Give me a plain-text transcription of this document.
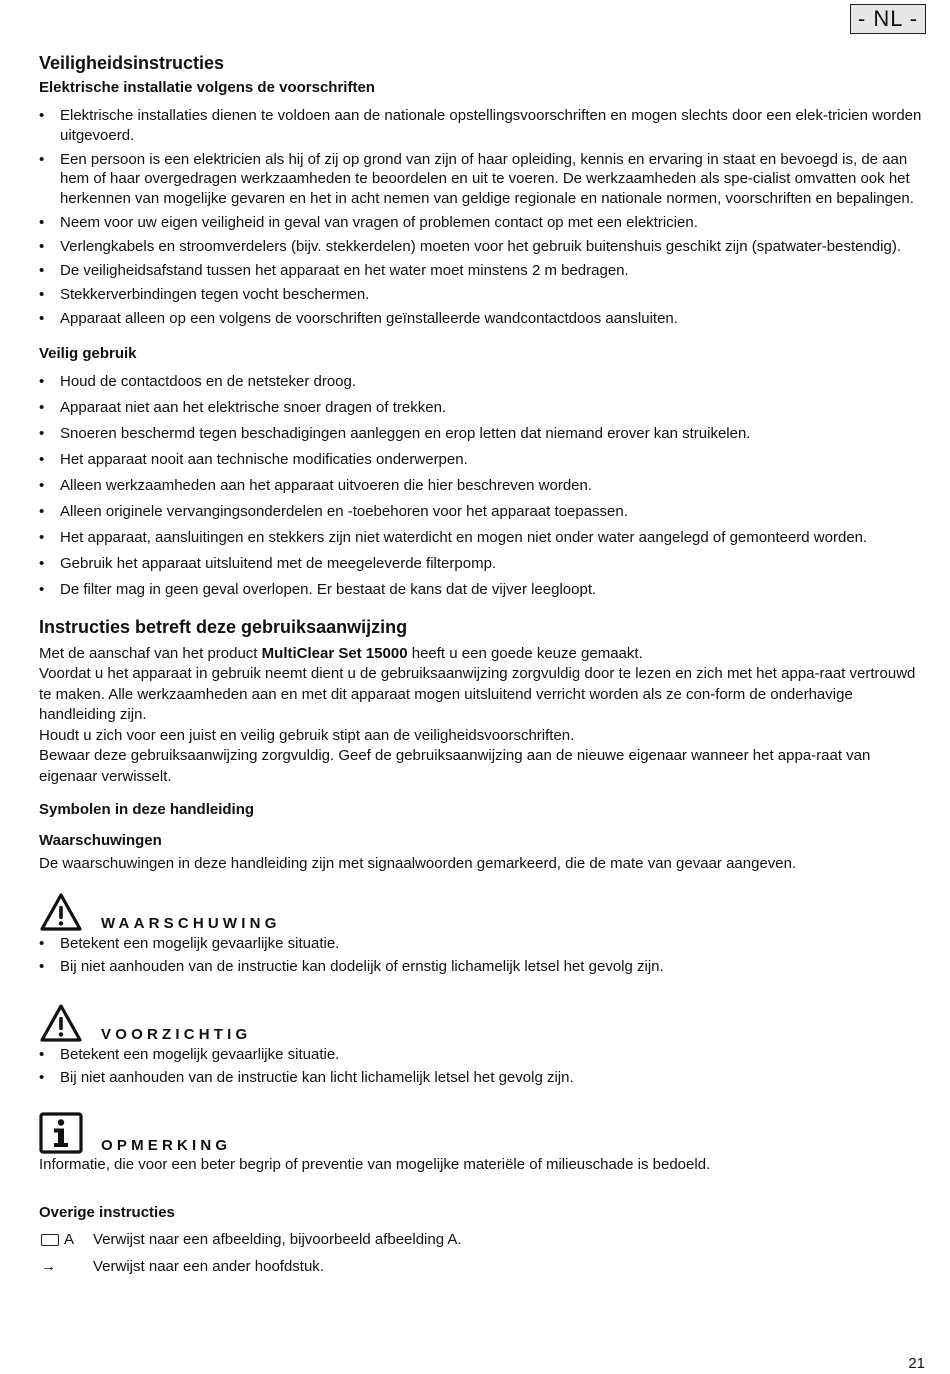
- NL -
Veiligheidsinstructies
Elektrische installatie volgens de voorschriften
• Elektrische installaties dienen te voldoen aan de nationale opstellingsvoorschriften en mogen slechts door een elek-tricien worden uitgevoerd.
• Een persoon is een elektricien als hij of zij op grond van zijn of haar opleiding, kennis en ervaring in staat en bevoegd is, de aan hem of haar overgedragen werkzaamheden te beoordelen en uit te voeren. De werkzaamheden als spe-cialist omvatten ook het herkennen van mogelijke gevaren en het in acht nemen van geldige regionale en nationale normen, voorschriften en bepalingen.
• Neem voor uw eigen veiligheid in geval van vragen of problemen contact op met een elektricien.
• Verlengkabels en stroomverdelers (bijv. stekkerdelen) moeten voor het gebruik buitenshuis geschikt zijn (spatwater-bestendig).
• De veiligheidsafstand tussen het apparaat en het water moet minstens 2 m bedragen.
• Stekkerverbindingen tegen vocht beschermen.
• Apparaat alleen op een volgens de voorschriften geïnstalleerde wandcontactdoos aansluiten.
Veilig gebruik
• Houd de contactdoos en de netsteker droog.
• Apparaat niet aan het elektrische snoer dragen of trekken.
• Snoeren beschermd tegen beschadigingen aanleggen en erop letten dat niemand erover kan struikelen.
• Het apparaat nooit aan technische modificaties onderwerpen.
• Alleen werkzaamheden aan het apparaat uitvoeren die hier beschreven worden.
• Alleen originele vervangingsonderdelen en -toebehoren voor het apparaat toepassen.
• Het apparaat, aansluitingen en stekkers zijn niet waterdicht en mogen niet onder water aangelegd of gemonteerd worden.
• Gebruik het apparaat uitsluitend met de meegeleverde filterpomp.
• De filter mag in geen geval overlopen. Er bestaat de kans dat de vijver leegloopt.
Instructies betreft deze gebruiksaanwijzing

Met de aanschaf van het product MultiClear Set 15000 heeft u een goede keuze gemaakt.

Voordat u het apparaat in gebruik neemt dient u de gebruiksaanwijzing zorgvuldig door te lezen en zich met het appa-raat vertrouwd te maken. Alle werkzaamheden aan en met dit apparaat mogen uitsluitend verricht worden als ze con-form de onderhavige handleiding zijn.

Houdt u zich voor een juist en veilig gebruik stipt aan de veiligheidsvoorschriften.

Bewaar deze gebruiksaanwijzing zorgvuldig. Geef de gebruiksaanwijzing aan de nieuwe eigenaar wanneer het appa-raat van eigenaar verwisselt.

Symbolen in deze handleiding
Waarschuwingen

De waarschuwingen in deze handleiding zijn met signaalwoorden gemarkeerd, die de mate van gevaar aangeven.

WAARSCHUWING
• Betekent een mogelijk gevaarlijke situatie.
• Bij niet aanhouden van de instructie kan dodelijk of ernstig lichamelijk letsel het gevolg zijn.
VOORZICHTIG
• Betekent een mogelijk gevaarlijke situatie.
• Bij niet aanhouden van de instructie kan licht lichamelijk letsel het gevolg zijn.
OPMERKING

Informatie, die voor een beter begrip of preventie van mogelijke materiële of milieuschade is bedoeld.

Overige instructies
A Verwijst naar een afbeelding, bijvoorbeeld afbeelding A.
→ Verwijst naar een ander hoofdstuk.
21
